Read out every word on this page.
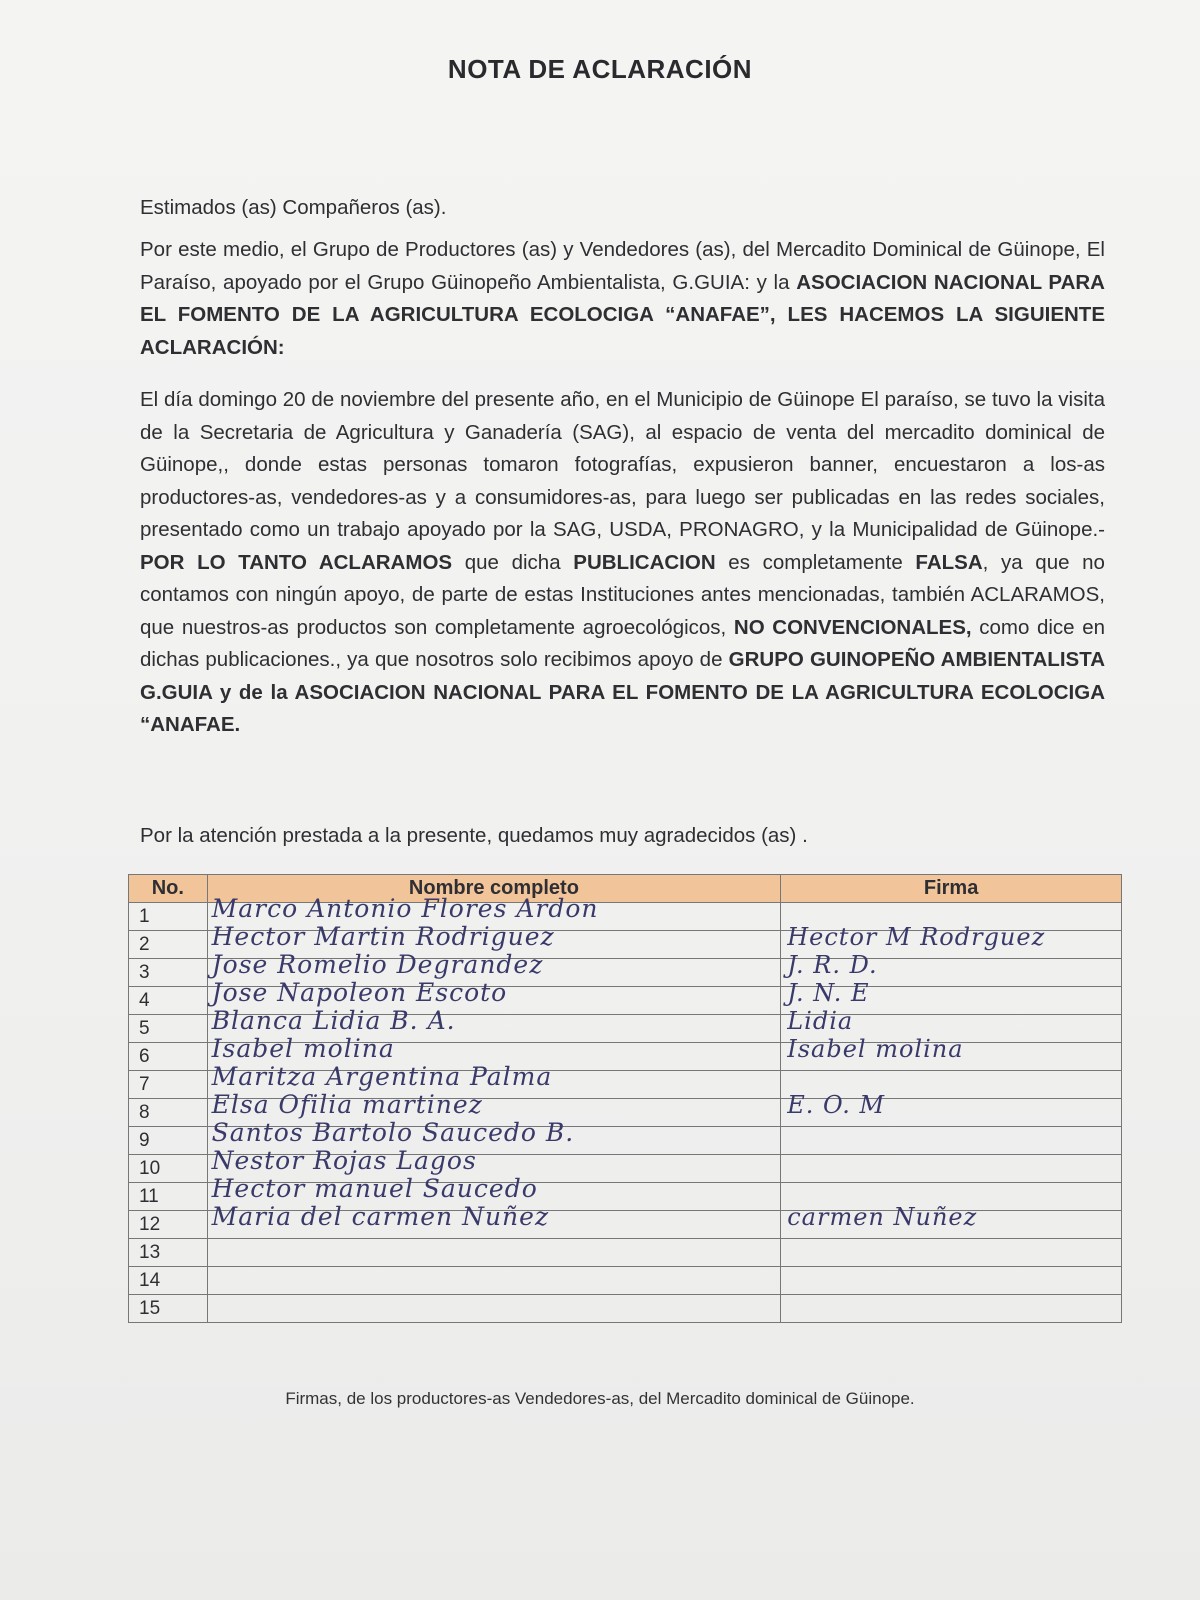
NOTA DE ACLARACIÓN
Estimados (as) Compañeros (as).
Por este medio, el Grupo de Productores (as) y Vendedores (as), del Mercadito Dominical de Güinope, El Paraíso, apoyado por el Grupo Güinopeño Ambientalista, G.GUIA: y la ASOCIACION NACIONAL PARA EL FOMENTO DE LA AGRICULTURA ECOLOCIGA “ANAFAE”, LES HACEMOS LA SIGUIENTE ACLARACIÓN:
El día domingo 20 de noviembre del presente año, en el Municipio de Güinope El paraíso, se tuvo la visita de la Secretaria de Agricultura y Ganadería (SAG), al espacio de venta del mercadito dominical de Güinope,, donde estas personas tomaron fotografías, expusieron banner, encuestaron a los-as productores-as, vendedores-as y a consumidores-as, para luego ser publicadas en las redes sociales, presentado como un trabajo apoyado por la SAG, USDA, PRONAGRO, y la Municipalidad de Güinope.- POR LO TANTO ACLARAMOS que dicha PUBLICACION es completamente FALSA, ya que no contamos con ningún apoyo, de parte de estas Instituciones antes mencionadas, también ACLARAMOS, que nuestros-as productos son completamente agroecológicos, NO CONVENCIONALES, como dice en dichas publicaciones., ya que nosotros solo recibimos apoyo de GRUPO GUINOPEÑO AMBIENTALISTA G.GUIA y de la ASOCIACION NACIONAL PARA EL FOMENTO DE LA AGRICULTURA ECOLOCIGA “ANAFAE.
Por la atención prestada a la presente, quedamos muy agradecidos (as) .
No.	Nombre completo	Firma
1	Marco Antonio Flores Ardon	

2	Hector Martin Rodriguez	Hector M Rodrguez

3	Jose Romelio Degrandez	J. R. D.

4	Jose Napoleon Escoto	J. N. E

5	Blanca Lidia B. A.	Lidia

6	Isabel molina	Isabel molina

7	Maritza Argentina Palma	

8	Elsa Ofilia martinez	E. O. M

9	Santos Bartolo Saucedo B.	

10	Nestor Rojas Lagos	

11	Hector manuel Saucedo	

12	Maria del carmen Nuñez	carmen Nuñez

13	

14	

15	

Firmas, de los productores-as Vendedores-as, del Mercadito dominical de Güinope.
